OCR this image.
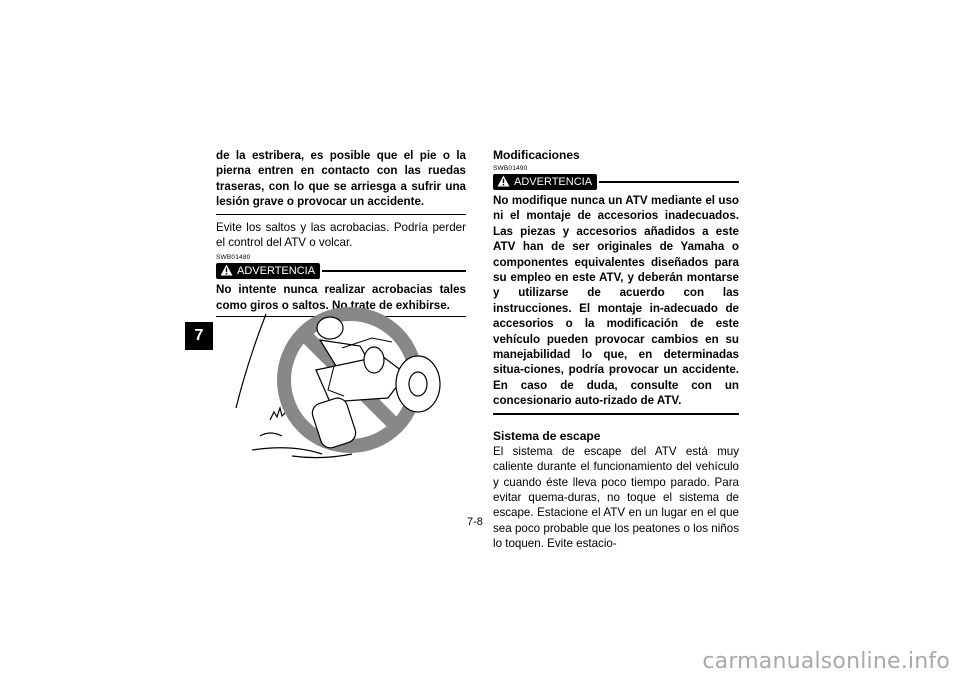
7
de la estribera, es posible que el pie o la pierna entren en contacto con las ruedas traseras, con lo que se arriesga a sufrir una lesión grave o provocar un accidente.
Evite los saltos y las acrobacias. Podría perder el control del ATV o volcar.
SWB01480
ADVERTENCIA
No intente nunca realizar acrobacias tales como giros o saltos. No trate de exhibirse.
Modificaciones
SWB01490
ADVERTENCIA
No modifique nunca un ATV mediante el uso ni el montaje de accesorios inadecuados. Las piezas y accesorios añadidos a este ATV han de ser originales de Yamaha o componentes equivalentes diseñados para su empleo en este ATV, y deberán montarse y utilizarse de acuerdo con las instrucciones. El montaje in-adecuado de accesorios o la modificación de este vehículo pueden provocar cambios en su manejabilidad lo que, en determinadas situa-ciones, podría provocar un accidente. En caso de duda, consulte con un concesionario auto-rizado de ATV.
Sistema de escape
El sistema de escape del ATV está muy caliente durante el funcionamiento del vehículo y cuando éste lleva poco tiempo parado. Para evitar quema-duras, no toque el sistema de escape. Estacione el ATV en un lugar en el que sea poco probable que los peatones o los niños lo toquen. Evite estacio-
7-8
carmanualsonline.info
